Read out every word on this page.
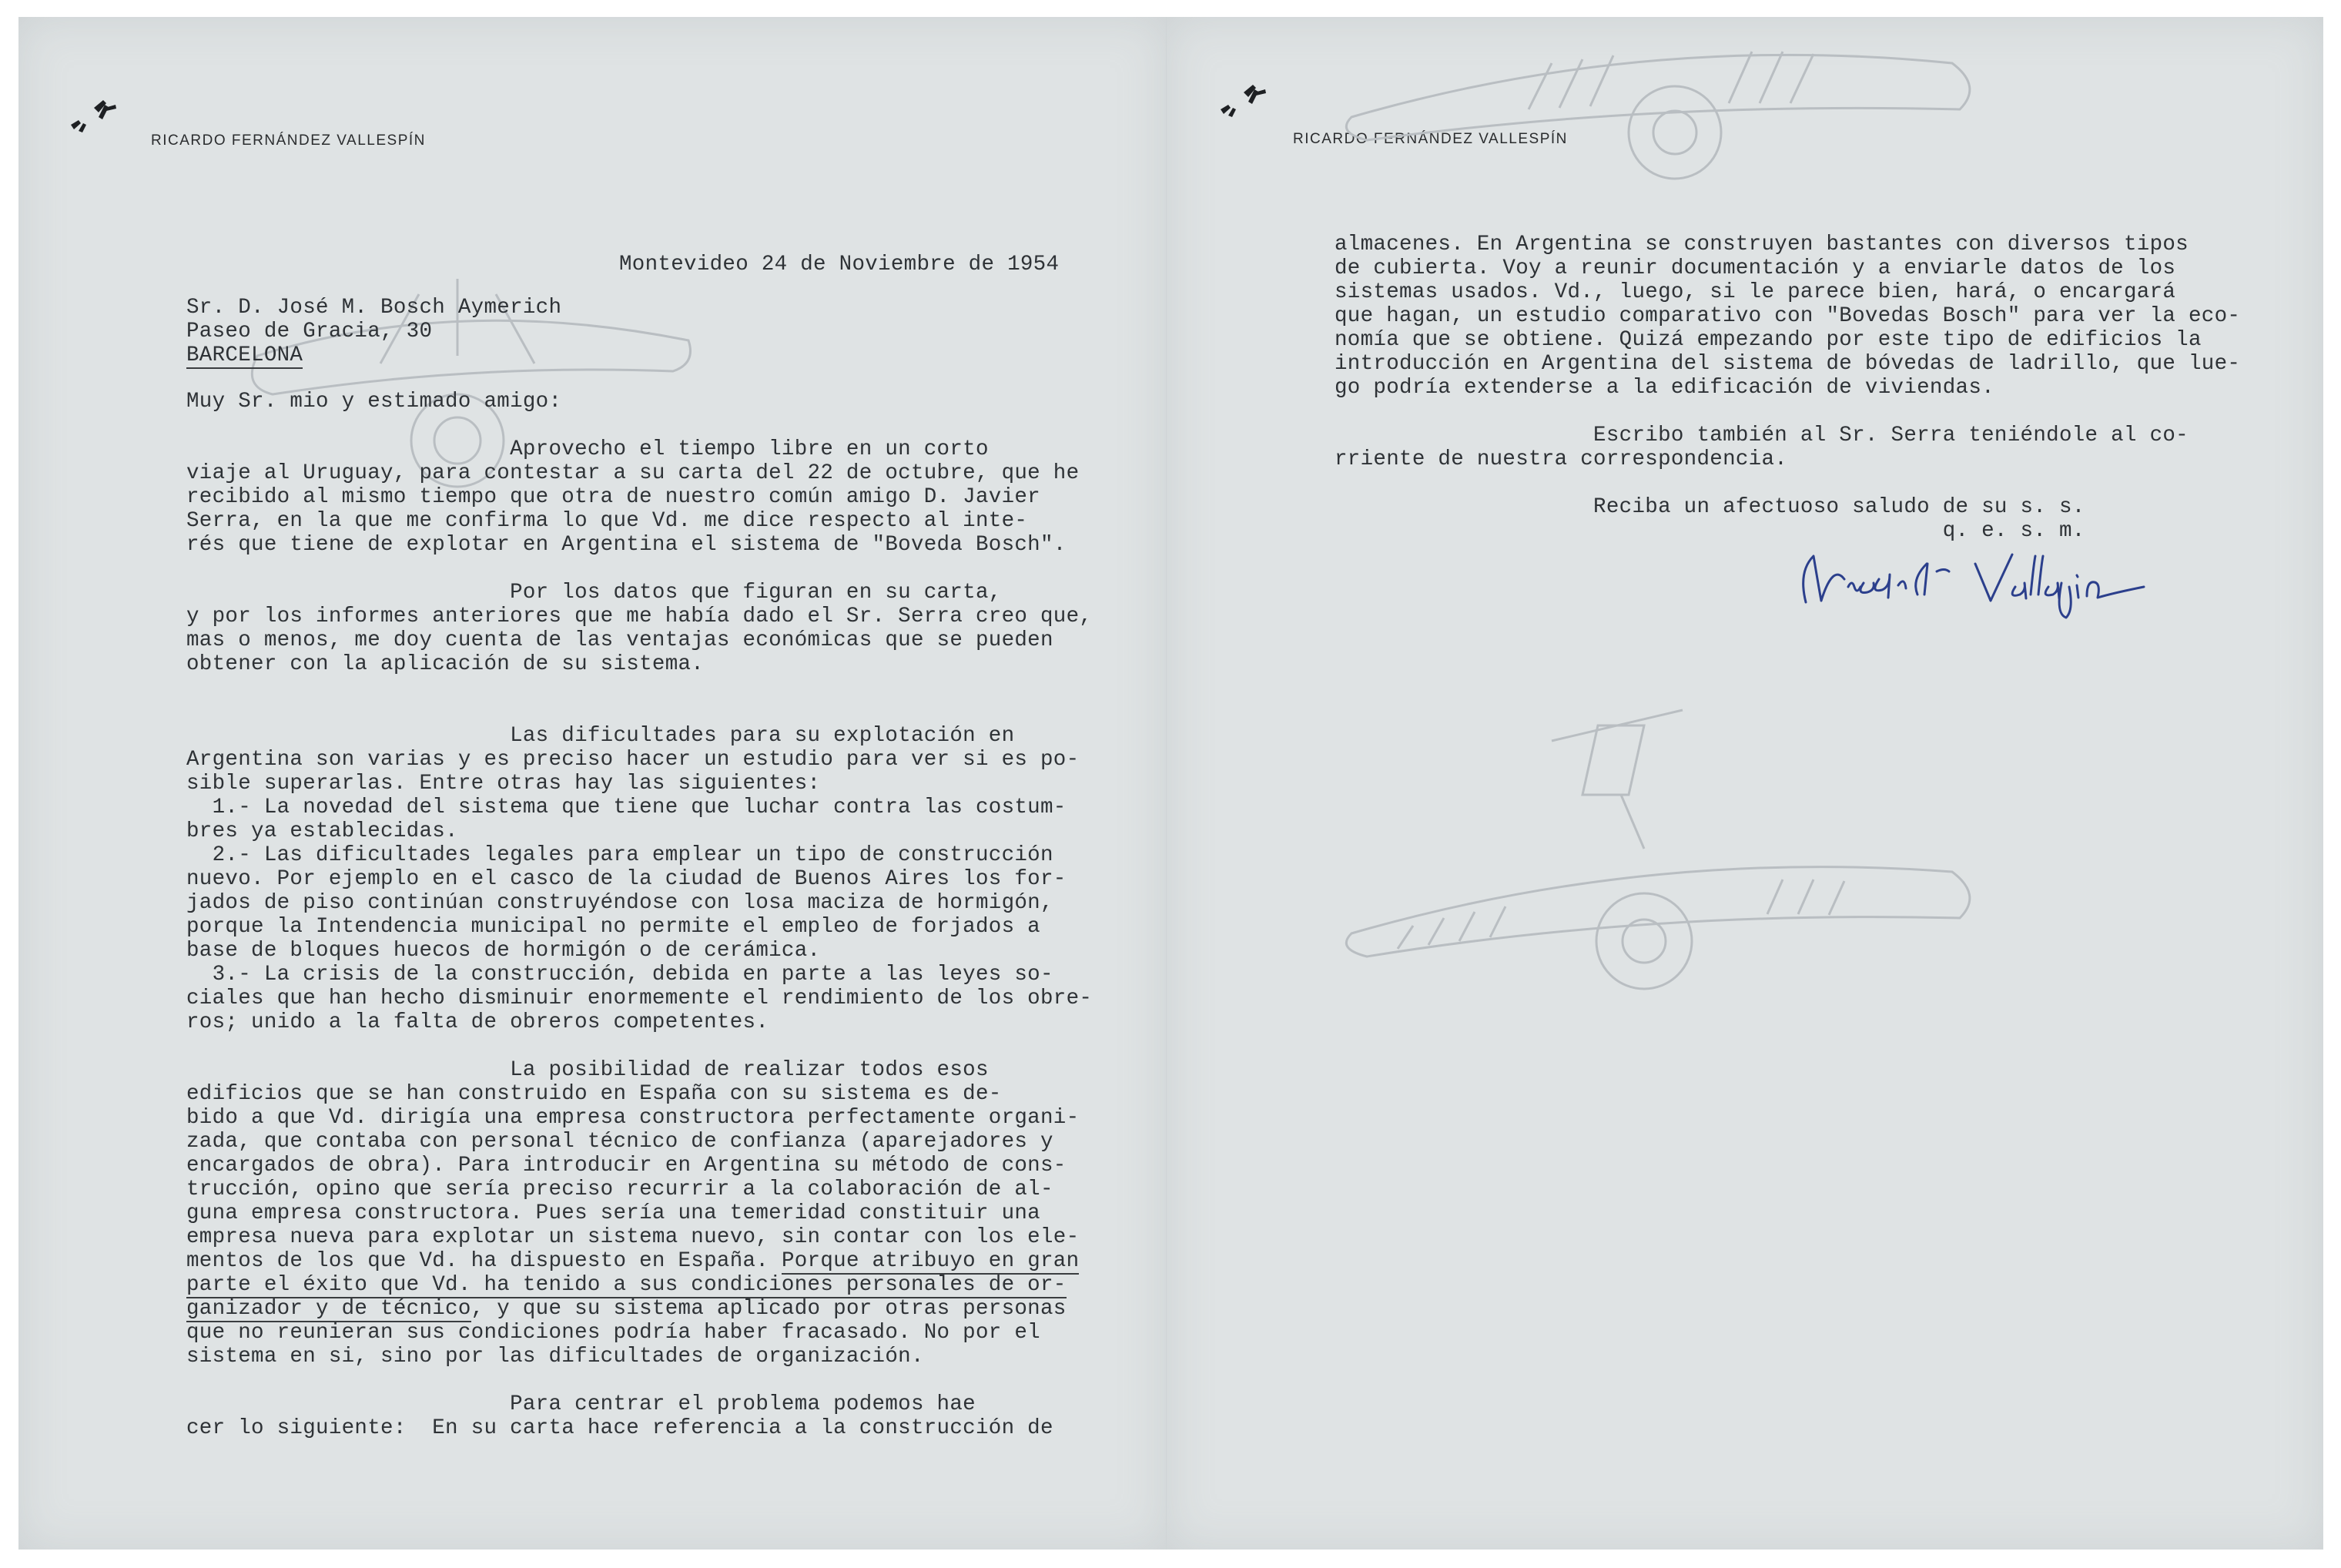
RICARDO FERNÁNDEZ VALLESPÍN
Montevideo 24 de Noviembre de 1954
Sr. D. José M. Bosch Aymerich
Paseo de Gracia, 30
BARCELONA
Muy Sr. mio y estimado amigo:
Aprovecho el tiempo libre en un corto
viaje al Uruguay, para contestar a su carta del 22 de octubre, que he
recibido al mismo tiempo que otra de nuestro común amigo D. Javier
Serra, en la que me confirma lo que Vd. me dice respecto al inte-
rés que tiene de explotar en Argentina el sistema de "Boveda Bosch".
Por los datos que figuran en su carta,
y por los informes anteriores que me había dado el Sr. Serra creo que,
mas o menos, me doy cuenta de las ventajas económicas que se pueden
obtener con la aplicación de su sistema.
Las dificultades para su explotación en
Argentina son varias y es preciso hacer un estudio para ver si es po-
sible superarlas. Entre otras hay las siguientes:
1.- La novedad del sistema que tiene que luchar contra las costum-
bres ya establecidas.
2.- Las dificultades legales para emplear un tipo de construcción
nuevo. Por ejemplo en el casco de la ciudad de Buenos Aires los for-
jados de piso continúan construyéndose con losa maciza de hormigón,
porque la Intendencia municipal no permite el empleo de forjados a
base de bloques huecos de hormigón o de cerámica.
3.- La crisis de la construcción, debida en parte a las leyes so-
ciales que han hecho disminuir enormemente el rendimiento de los obre-
ros; unido a la falta de obreros competentes.
La posibilidad de realizar todos esos
edificios que se han construido en España con su sistema es de-
bido a que Vd. dirigía una empresa constructora perfectamente organi-
zada, que contaba con personal técnico de confianza (aparejadores y
encargados de obra). Para introducir en Argentina su método de cons-
trucción, opino que sería preciso recurrir a la colaboración de al-
guna empresa constructora. Pues sería una temeridad constituir una
empresa nueva para explotar un sistema nuevo, sin contar con los ele-
mentos de los que Vd. ha dispuesto en España. Porque atribuyo en gran
parte el éxito que Vd. ha tenido a sus condiciones personales de or-
ganizador y de técnico, y que su sistema aplicado por otras personas
que no reunieran sus condiciones podría haber fracasado. No por el
sistema en si, sino por las dificultades de organización.
Para centrar el problema podemos hae
cer lo siguiente:  En su carta hace referencia a la construcción de
RICARDO FERNÁNDEZ VALLESPÍN
almacenes. En Argentina se construyen bastantes con diversos tipos
de cubierta. Voy a reunir documentación y a enviarle datos de los
sistemas usados. Vd., luego, si le parece bien, hará, o encargará
que hagan, un estudio comparativo con "Bovedas Bosch" para ver la eco-
nomía que se obtiene. Quizá empezando por este tipo de edificios la
introducción en Argentina del sistema de bóvedas de ladrillo, que lue-
go podría extenderse a la edificación de viviendas.
Escribo también al Sr. Serra teniéndole al co-
rriente de nuestra correspondencia.
Reciba un afectuoso saludo de su s. s.
q. e. s. m.
